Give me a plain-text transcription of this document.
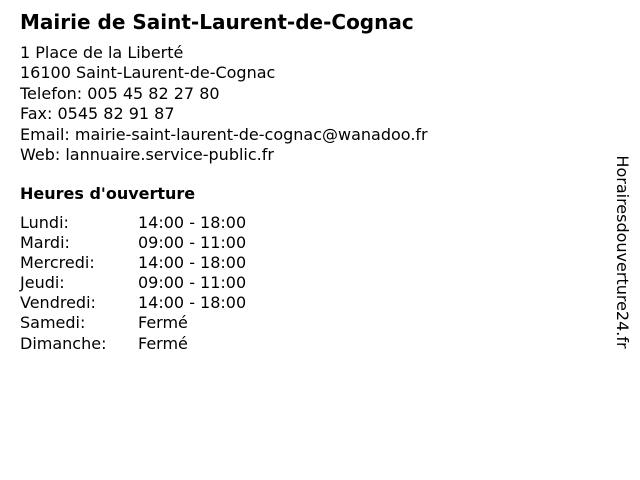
Mairie de Saint-Laurent-de-Cognac
1 Place de la Liberté
16100 Saint-Laurent-de-Cognac
Telefon: 005 45 82 27 80
Fax: 0545 82 91 87
Email: mairie-saint-laurent-de-cognac@wanadoo.fr
Web: lannuaire.service-public.fr
Heures d'ouverture
Lundi:	14:00 - 18:00
Mardi:	09:00 - 11:00
Mercredi:	14:00 - 18:00
Jeudi:	09:00 - 11:00
Vendredi:	14:00 - 18:00
Samedi:	Fermé
Dimanche:	Fermé	Horairesdouverture24.fr
